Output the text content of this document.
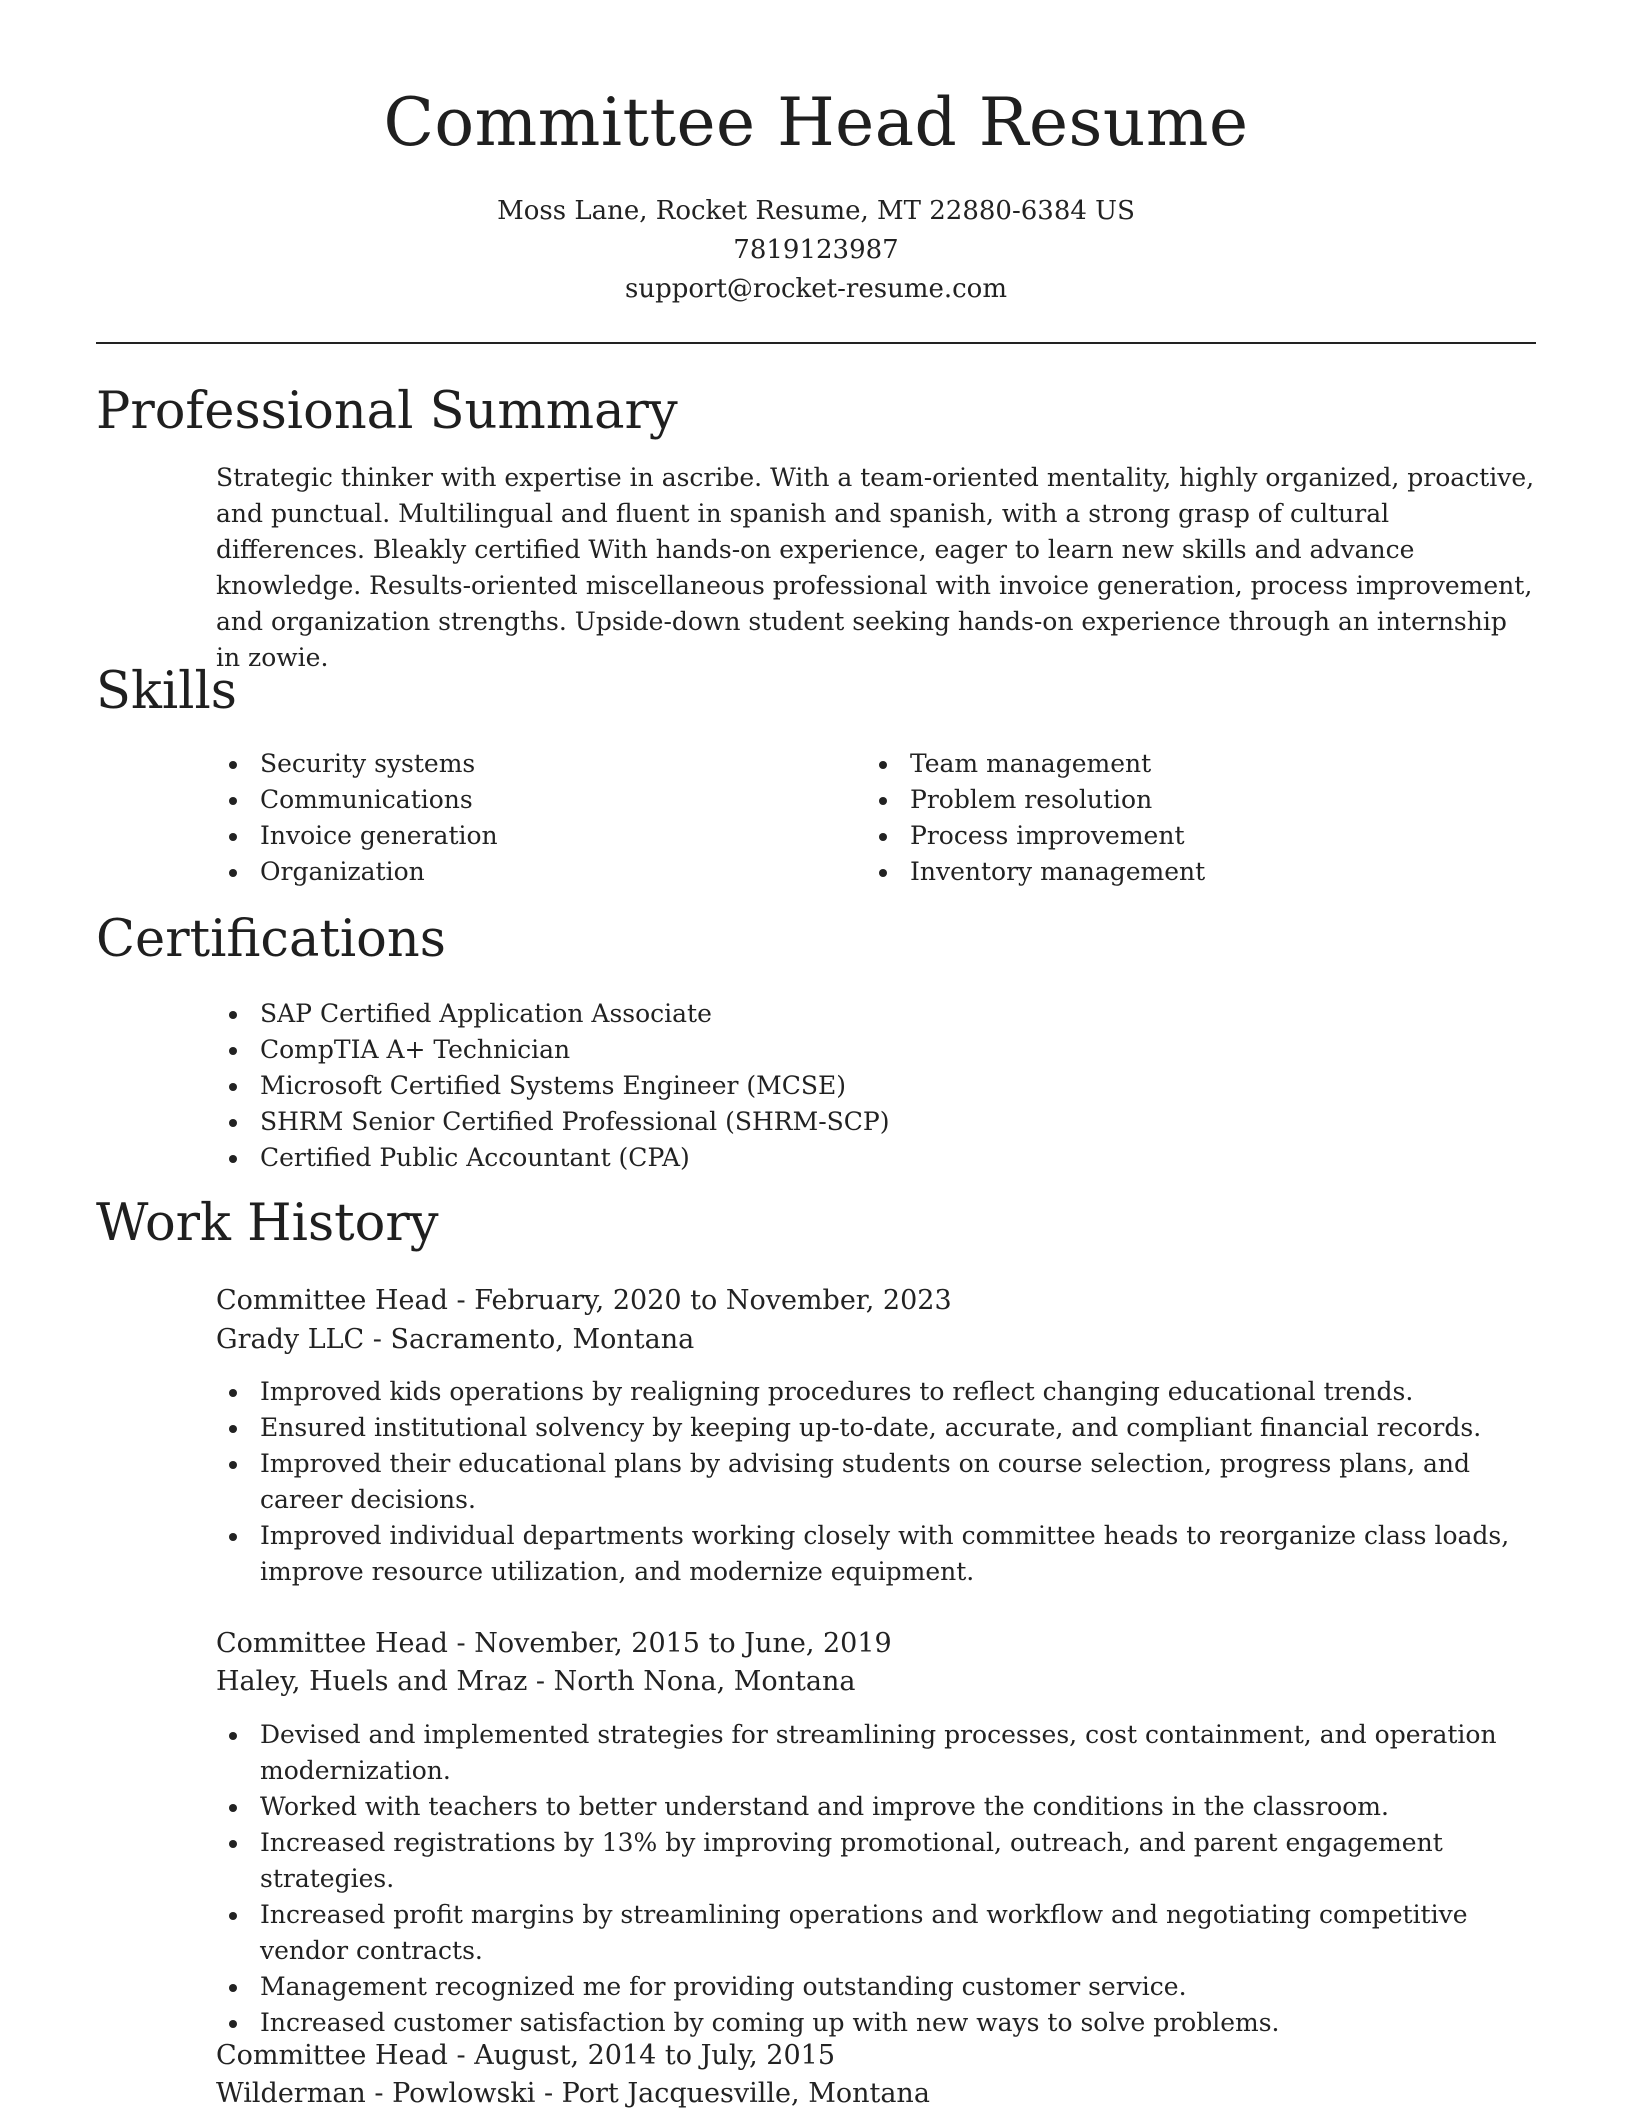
Committee Head Resume
Moss Lane, Rocket Resume, MT 22880-6384 US
7819123987
support@rocket-resume.com
Professional Summary

Strategic thinker with expertise in ascribe. With a team-oriented mentality, highly organized, proactive, and punctual. Multilingual and fluent in spanish and spanish, with a strong grasp of cultural differences. Bleakly certified With hands-on experience, eager to learn new skills and advance knowledge. Results-oriented miscellaneous professional with invoice generation, process improvement, and organization strengths. Upside-down student seeking hands-on experience through an internship in zowie.

Skills
Security systems
Communications
Invoice generation
Organization
Team management
Problem resolution
Process improvement
Inventory management
Certifications
SAP Certified Application Associate
CompTIA A+ Technician
Microsoft Certified Systems Engineer (MCSE)
SHRM Senior Certified Professional (SHRM-SCP)
Certified Public Accountant (CPA)
Work History
Committee Head - February, 2020 to November, 2023
Grady LLC - Sacramento, Montana
Improved kids operations by realigning procedures to reflect changing educational trends.
Ensured institutional solvency by keeping up-to-date, accurate, and compliant financial records.
Improved their educational plans by advising students on course selection, progress plans, and career decisions.
Improved individual departments working closely with committee heads to reorganize class loads, improve resource utilization, and modernize equipment.
Committee Head - November, 2015 to June, 2019
Haley, Huels and Mraz - North Nona, Montana
Devised and implemented strategies for streamlining processes, cost containment, and operation modernization.
Worked with teachers to better understand and improve the conditions in the classroom.
Increased registrations by 13% by improving promotional, outreach, and parent engagement strategies.
Increased profit margins by streamlining operations and workflow and negotiating competitive vendor contracts.
Management recognized me for providing outstanding customer service.
Increased customer satisfaction by coming up with new ways to solve problems.
Committee Head - August, 2014 to July, 2015
Wilderman - Powlowski - Port Jacquesville, Montana
